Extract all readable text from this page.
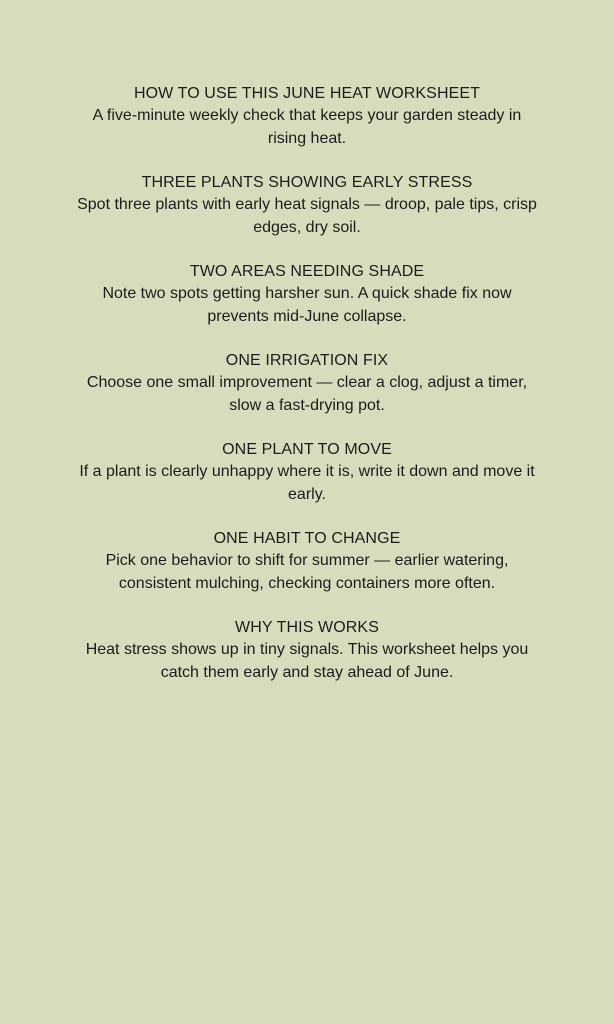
HOW TO USE THIS JUNE HEAT WORKSHEET

A five-minute weekly check that keeps your garden steady in rising heat.

THREE PLANTS SHOWING EARLY STRESS

Spot three plants with early heat signals — droop, pale tips, crisp edges, dry soil.

TWO AREAS NEEDING SHADE

Note two spots getting harsher sun. A quick shade fix now prevents mid-June collapse.

ONE IRRIGATION FIX

Choose one small improvement — clear a clog, adjust a timer, slow a fast-drying pot.

ONE PLANT TO MOVE

If a plant is clearly unhappy where it is, write it down and move it early.

ONE HABIT TO CHANGE

Pick one behavior to shift for summer — earlier watering, consistent mulching, checking containers more often.

WHY THIS WORKS

Heat stress shows up in tiny signals. This worksheet helps you catch them early and stay ahead of June.
